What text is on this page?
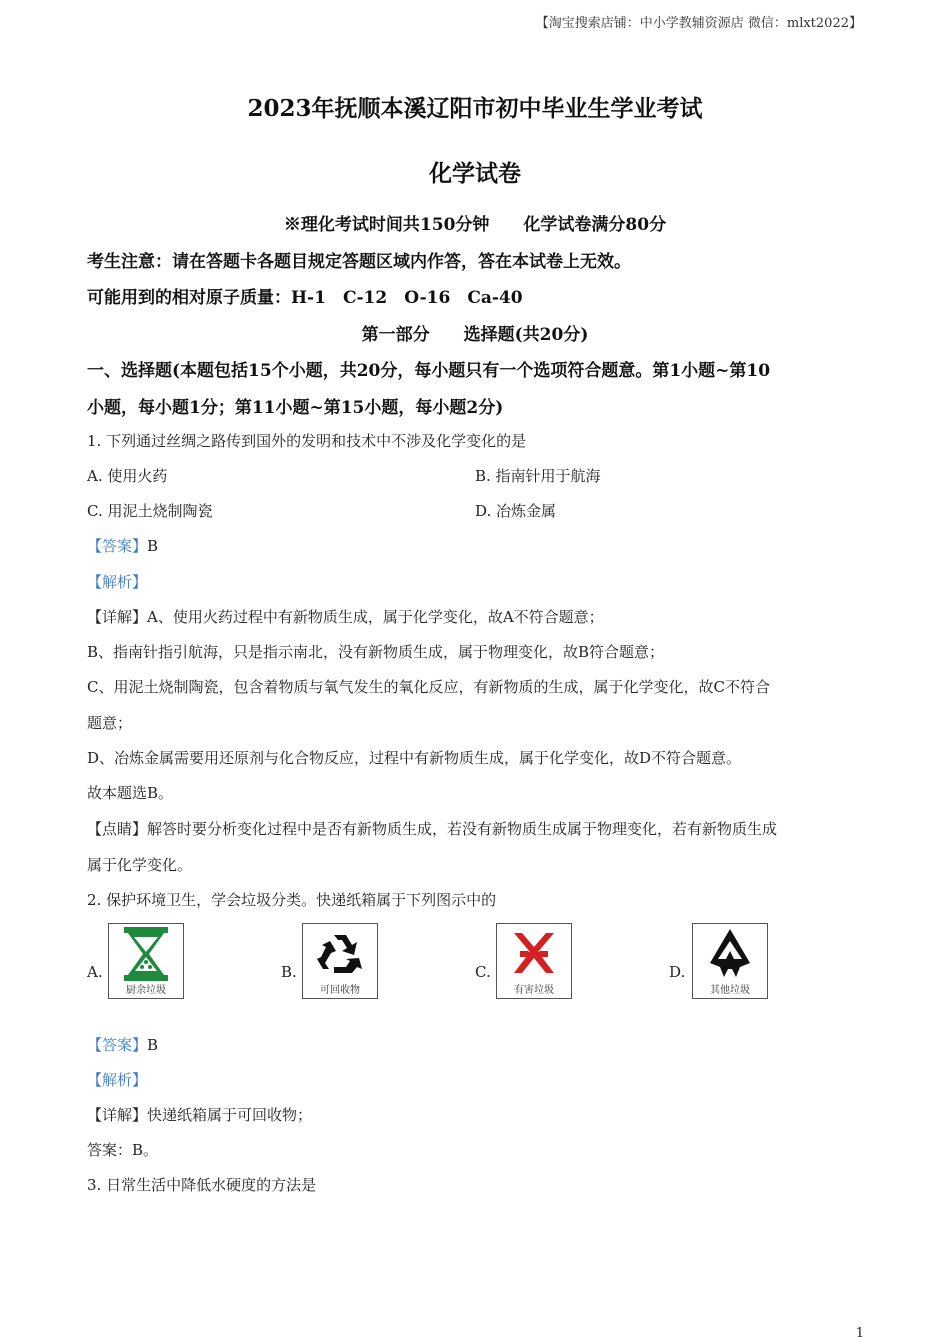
【淘宝搜索店铺：中小学教辅资源店 微信：mlxt2022】
2023年抚顺本溪辽阳市初中毕业生学业考试
化学试卷
※理化考试时间共150分钟　　化学试卷满分80分
考生注意：请在答题卡各题目规定答题区域内作答，答在本试卷上无效。
可能用到的相对原子质量：H-1　C-12　O-16　Ca-40
第一部分　　选择题(共20分)
一、选择题(本题包括15个小题，共20分，每小题只有一个选项符合题意。第1小题~第10
小题，每小题1分；第11小题~第15小题，每小题2分)
1. 下列通过丝绸之路传到国外的发明和技术中不涉及化学变化的是
A. 使用火药	B. 指南针用于航海
C. 用泥土烧制陶瓷	D. 冶炼金属
【答案】B
【解析】
【详解】A、使用火药过程中有新物质生成，属于化学变化，故A不符合题意；
B、指南针指引航海，只是指示南北，没有新物质生成，属于物理变化，故B符合题意；
C、用泥土烧制陶瓷，包含着物质与氧气发生的氧化反应，有新物质的生成，属于化学变化，故C不符合
题意；
D、冶炼金属需要用还原剂与化合物反应，过程中有新物质生成，属于化学变化，故D不符合题意。
故本题选B。
【点睛】解答时要分析变化过程中是否有新物质生成，若没有新物质生成属于物理变化，若有新物质生成
属于化学变化。
2. 保护环境卫生，学会垃圾分类。快递纸箱属于下列图示中的
A.
厨余垃圾
B.
可回收物
C.
有害垃圾
D.
其他垃圾
【答案】B
【解析】
【详解】快递纸箱属于可回收物；
答案：B。
3. 日常生活中降低水硬度的方法是
1
